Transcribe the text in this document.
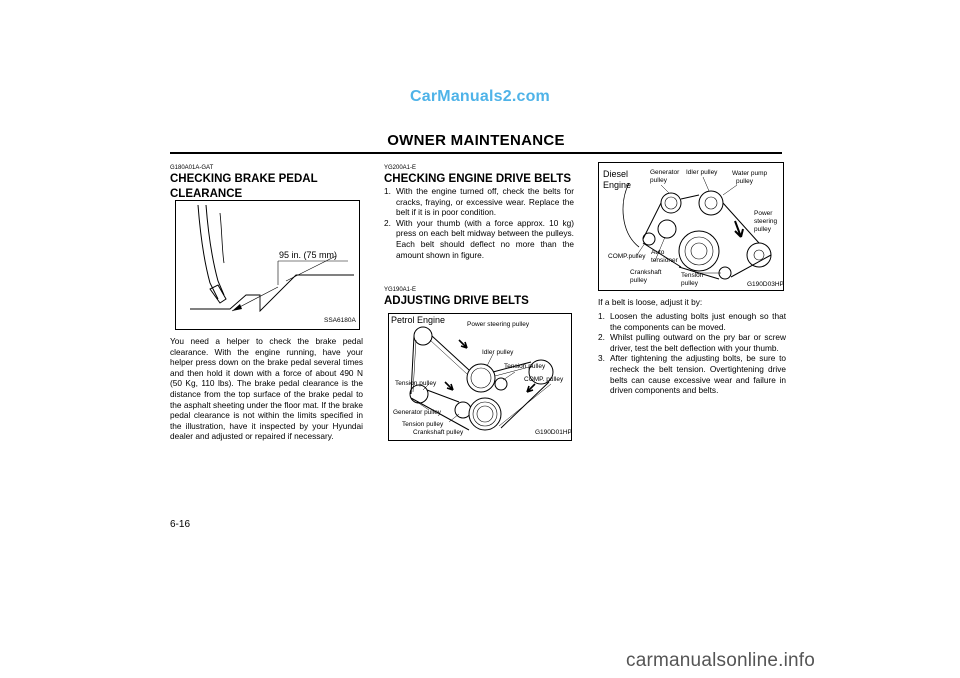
CarManuals2.com
OWNER MAINTENANCE
G180A01A-GAT
CHECKING BRAKE PEDAL CLEARANCE
95 in. (75 mm)
SSA6180A
You need a helper to check the brake pedal clearance. With the engine running, have your helper press down on the brake pedal several times and then hold it down with a force of about 490 N (50 Kg, 110 lbs). The brake pedal clearance is the distance from the top surface of the brake pedal to the asphalt sheeting under the floor mat. If the brake pedal clearance is not within the limits specified in the illustration, have it inspected by your Hyundai dealer and adjusted or repaired if necessary.
6-16
YG200A1-E
CHECKING ENGINE DRIVE BELTS
1. With the engine turned off, check the belts for cracks, fraying, or excessive wear. Replace the belt if it is in poor condition.
2. With your thumb (with a force approx. 10 kg) press on each belt midway between the pulleys. Each belt should deflect no more than the amount shown in figure.
YG190A1-E
ADJUSTING DRIVE BELTS
Petrol Engine	Power steering pulley
Idler pulley
Tension pulley
COMP. pulley
Tension pulley
Generator pulley
Tension pulley
Crankshaft pulley	G190D01HP
Diesel
Engine
Generator
pulley
Idler pulley Water pump
pulley
Power
steering
pulley
COMP.pulley
Auto
tensioner
Crankshaft
pulley
Tension
pulley	G190D03HP
If a belt is loose, adjust it by:
1. Loosen the adusting bolts just enough so that the components can be moved.
2. Whilst pulling outward on the pry bar or screw driver, test the belt deflection with your thumb.
3. After tightening the adjusting bolts, be sure to recheck the belt tension. Overtightening drive belts can cause excessive wear and failure in driven components and belts.
carmanualsonline.info
